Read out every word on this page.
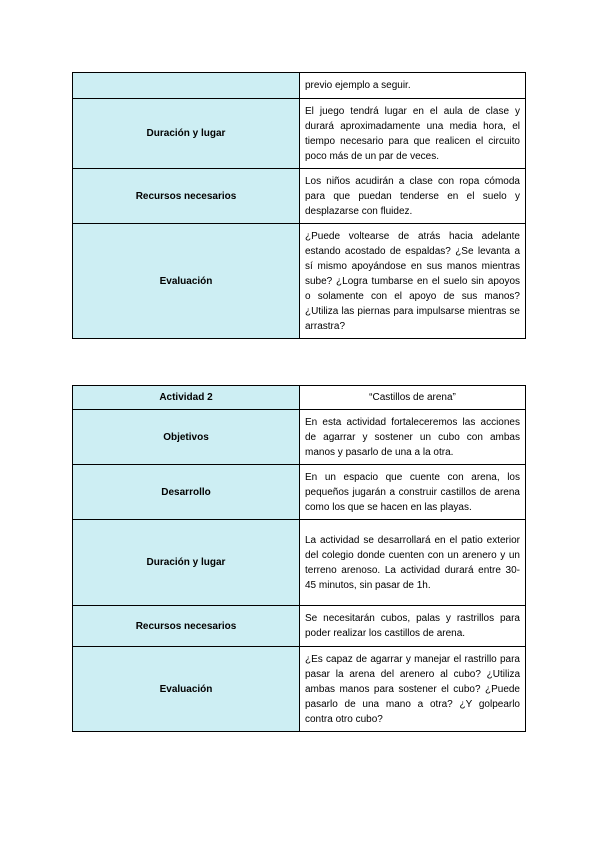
	previo ejemplo a seguir.
Duración y lugar	El juego tendrá lugar en el aula de clase y durará aproximadamente una media hora, el tiempo necesario para que realicen el circuito poco más de un par de veces.
Recursos necesarios	Los niños acudirán a clase con ropa cómoda para que puedan tenderse en el suelo y desplazarse con fluidez.
Evaluación	¿Puede voltearse de atrás hacia adelante estando acostado de espaldas? ¿Se levanta a sí mismo apoyándose en sus manos mientras sube? ¿Logra tumbarse en el suelo sin apoyos o solamente con el apoyo de sus manos? ¿Utiliza las piernas para impulsarse mientras se arrastra?
Actividad 2	“Castillos de arena”
Objetivos	En esta actividad fortaleceremos las acciones de agarrar y sostener un cubo con ambas manos y pasarlo de una a la otra.
Desarrollo	En un espacio que cuente con arena, los pequeños jugarán a construir castillos de arena como los que se hacen en las playas.
Duración y lugar	La actividad se desarrollará en el patio exterior del colegio donde cuenten con un arenero y un terreno arenoso. La actividad durará entre 30-45 minutos, sin pasar de 1h.
Recursos necesarios	Se necesitarán cubos, palas y rastrillos para poder realizar los castillos de arena.
Evaluación	¿Es capaz de agarrar y manejar el rastrillo para pasar la arena del arenero al cubo? ¿Utiliza ambas manos para sostener el cubo? ¿Puede pasarlo de una mano a otra? ¿Y golpearlo contra otro cubo?
